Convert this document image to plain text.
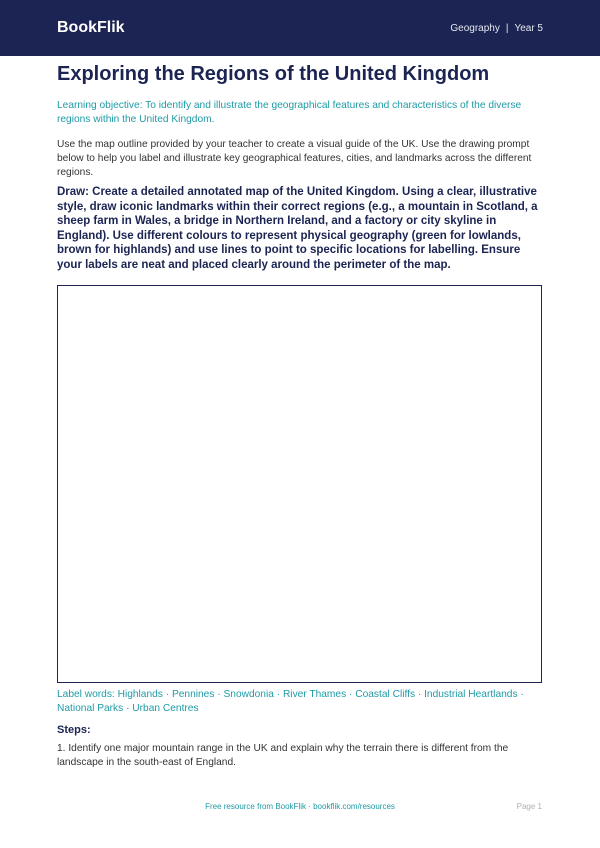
BookFlik	Geography | Year 5
Exploring the Regions of the United Kingdom
Learning objective: To identify and illustrate the geographical features and characteristics of the diverse regions within the United Kingdom.
Use the map outline provided by your teacher to create a visual guide of the UK. Use the drawing prompt below to help you label and illustrate key geographical features, cities, and landmarks across the different regions.
Draw: Create a detailed annotated map of the United Kingdom. Using a clear, illustrative style, draw iconic landmarks within their correct regions (e.g., a mountain in Scotland, a sheep farm in Wales, a bridge in Northern Ireland, and a factory or city skyline in England). Use different colours to represent physical geography (green for lowlands, brown for highlands) and use lines to point to specific locations for labelling. Ensure your labels are neat and placed clearly around the perimeter of the map.
Label words: Highlands · Pennines · Snowdonia · River Thames · Coastal Cliffs · Industrial Heartlands · National Parks · Urban Centres
Steps:
1. Identify one major mountain range in the UK and explain why the terrain there is different from the landscape in the south-east of England.
Free resource from BookFlik · bookflik.com/resources	Page 1
